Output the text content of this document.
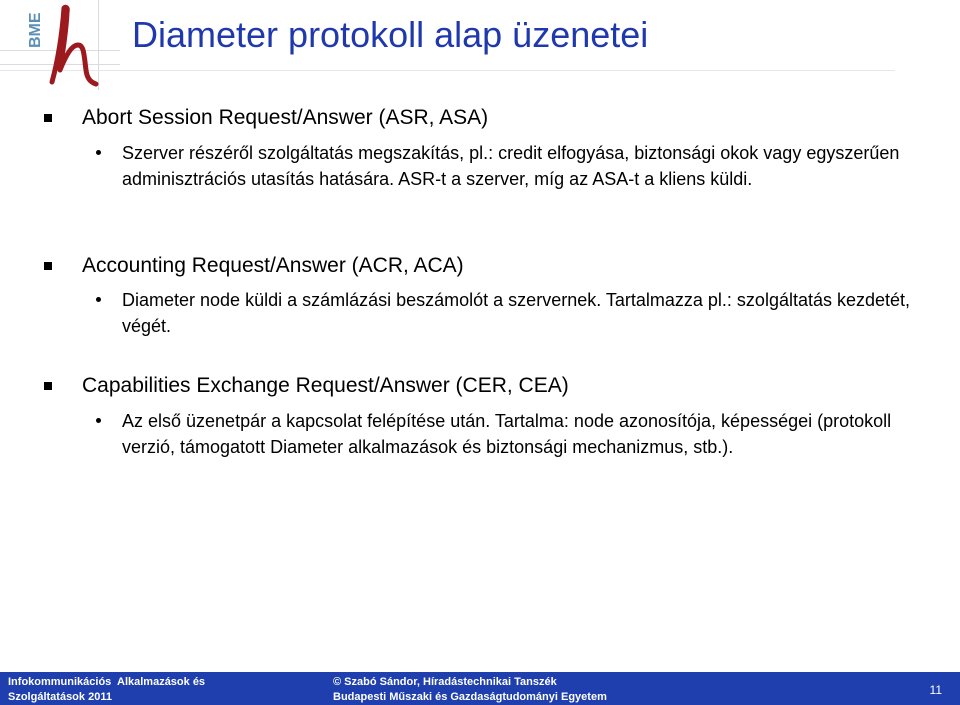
BME Diameter protokoll alap üzenetei
Abort Session Request/Answer (ASR, ASA)
Szerver részéről szolgáltatás megszakítás, pl.: credit elfogyása, biztonsági okok vagy egyszerűen adminisztrációs utasítás hatására. ASR-t a szerver, míg az ASA-t a kliens küldi.
Accounting Request/Answer (ACR, ACA)
Diameter node küldi a számlázási beszámolót a szervernek. Tartalmazza pl.: szolgáltatás kezdetét, végét.
Capabilities Exchange Request/Answer (CER, CEA)
Az első üzenetpár a kapcsolat felépítése után. Tartalma: node azonosítója, képességei (protokoll verzió, támogatott Diameter alkalmazások és biztonsági mechanizmus, stb.).
Infokommunikációs  Alkalmazások és
Szolgáltatások 2011
© Szabó Sándor, Híradástechnikai Tanszék
Budapesti Műszaki és Gazdaságtudományi Egyetem	11
